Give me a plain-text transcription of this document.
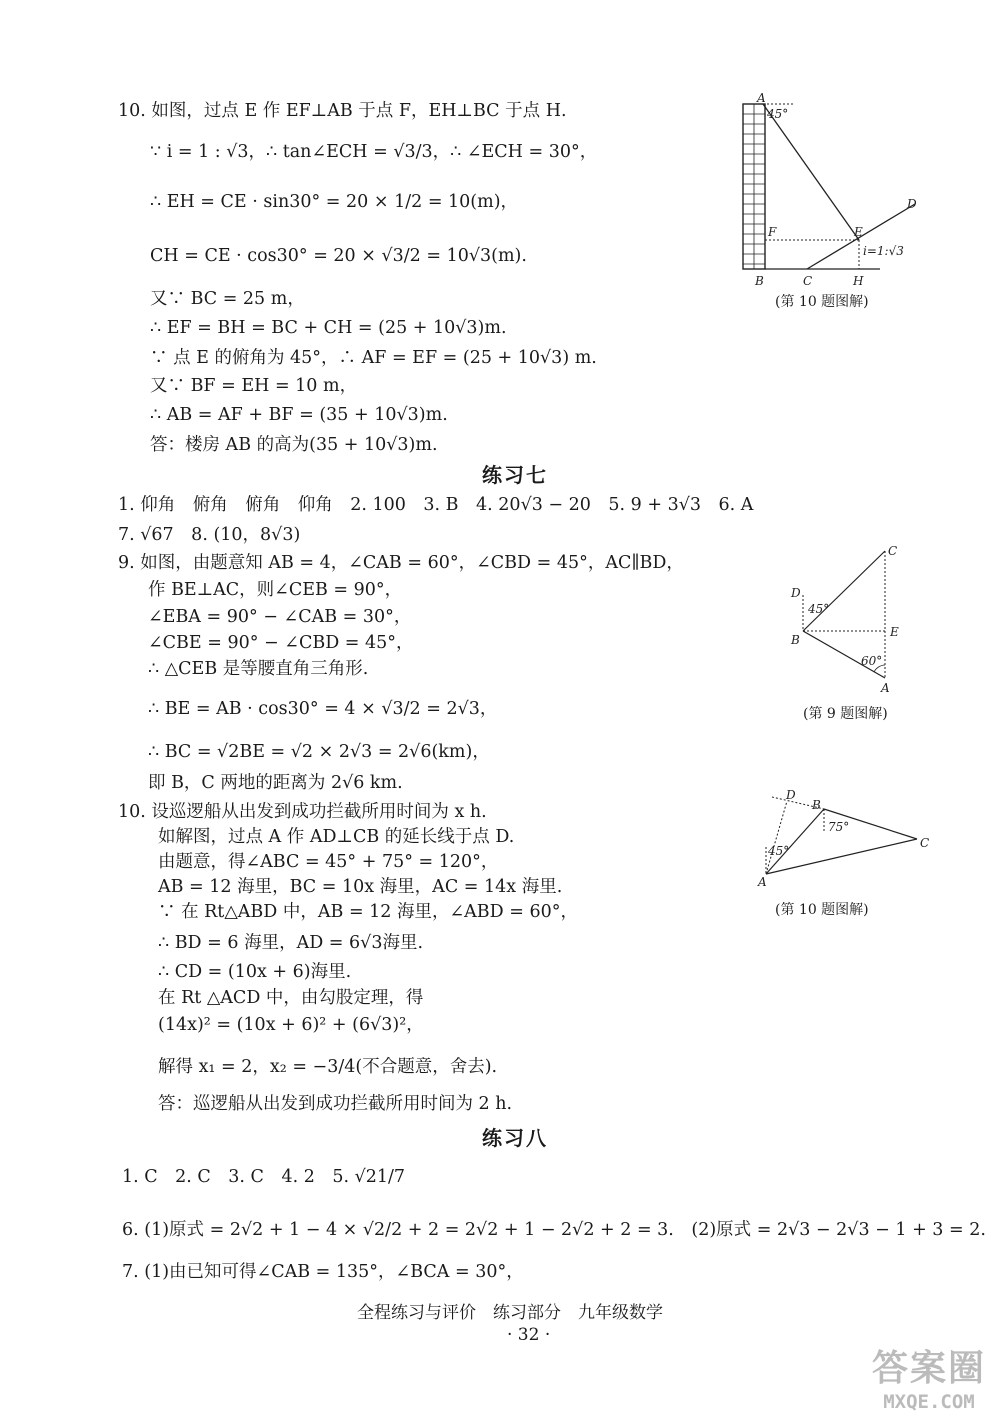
10. 如图，过点 E 作 EF⊥AB 于点 F，EH⊥BC 于点 H.
∵ i = 1 : √3，∴ tan∠ECH = √3/3，∴ ∠ECH = 30°，
∴ EH = CE · sin30° = 20 × 1/2 = 10(m)，
CH = CE · cos30° = 20 × √3/2 = 10√3(m).
又∵ BC = 25 m，
∴ EF = BH = BC + CH = (25 + 10√3)m.
∵ 点 E 的俯角为 45°，∴ AF = EF = (25 + 10√3) m.
又∵ BF = EH = 10 m，
∴ AB = AF + BF = (35 + 10√3)m.
答：楼房 AB 的高为(35 + 10√3)m.
1. 仰角　俯角　俯角　仰角　2. 100　3. B　4. 20√3 − 20　5. 9 + 3√3　6. A
7. √67　8. (10，8√3)
9. 如图，由题意知 AB = 4，∠CAB = 60°，∠CBD = 45°，AC∥BD，
作 BE⊥AC，则∠CEB = 90°，
∠EBA = 90° − ∠CAB = 30°，
∠CBE = 90° − ∠CBD = 45°，
∴ △CEB 是等腰直角三角形.
∴ BE = AB · cos30° = 4 × √3/2 = 2√3，
∴ BC = √2BE = √2 × 2√3 = 2√6(km)，
即 B，C 两地的距离为 2√6 km.
10. 设巡逻船从出发到成功拦截所用时间为 x h.
如解图，过点 A 作 AD⊥CB 的延长线于点 D.
由题意，得∠ABC = 45° + 75° = 120°，
AB = 12 海里，BC = 10x 海里，AC = 14x 海里.
∵ 在 Rt△ABD 中，AB = 12 海里，∠ABD = 60°，
∴ BD = 6 海里，AD = 6√3海里.
∴ CD = (10x + 6)海里.
在 Rt △ACD 中，由勾股定理，得
(14x)² = (10x + 6)² + (6√3)²，
解得 x₁ = 2，x₂ = −3/4(不合题意，舍去).
答：巡逻船从出发到成功拦截所用时间为 2 h.
1. C　2. C　3. C　4. 2　5. √21/7
6. (1)原式 = 2√2 + 1 − 4 × √2/2 + 2 = 2√2 + 1 − 2√2 + 2 = 3.　(2)原式 = 2√3 − 2√3 − 1 + 3 = 2.
7. (1)由已知可得∠CAB = 135°，∠BCA = 30°，
练习七
练习八
A
45°
F	E
D
i=1:√3
B	C	H
(第 10 题图解)
C
D
45°
B
E
60°
A
(第 9 题图解)
D
B
75°
C
45°
A
(第 10 题图解)
全程练习与评价　练习部分　九年级数学
· 32 ·
答案圈
MXQE.COM
